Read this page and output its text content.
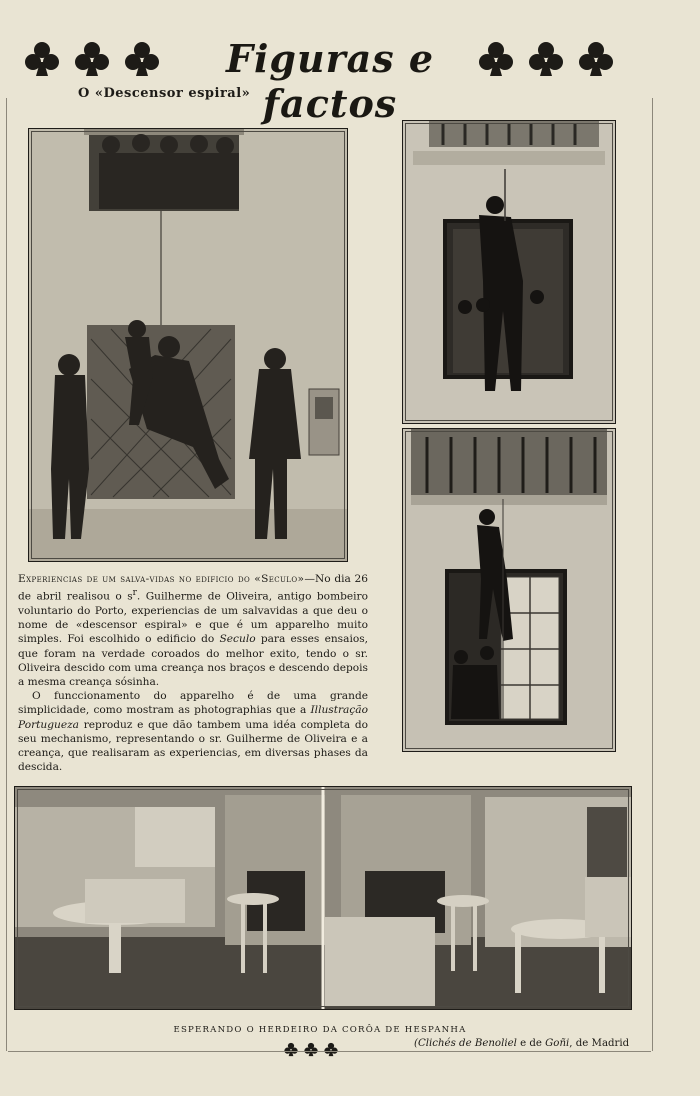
Figuras e factos
O «Descensor espiral»

Experiencias de um salva-vidas no edificio do «Seculo»—No dia 26 de abril realisou o $s^r$. Guilherme de Oliveira, antigo bombeiro voluntario do Porto, experiencias de um salvavidas a que deu o nome de «descensor espiral» e que é um apparelho muito simples. Foi escolhido o edificio do Seculo para esses ensaios, que foram na verdade coroados do melhor exito, tendo o sr. Oliveira descido com uma creança nos braços e descendo depois a mesma creança sósinha.

O funccionamento do apparelho é de uma grande simplicidade, como mostram as photographias que a Illustração Portugueza reproduz e que dão tambem uma idéa completa do seu mechanismo, representando o sr. Guilherme de Oliveira e a creança, que realisaram as experiencias, em diversas phases da descida.

ESPERANDO O HERDEIRO DA CORÔA DE HESPANHA
(Clichés de Benoliel e de Goñi, de Madrid
